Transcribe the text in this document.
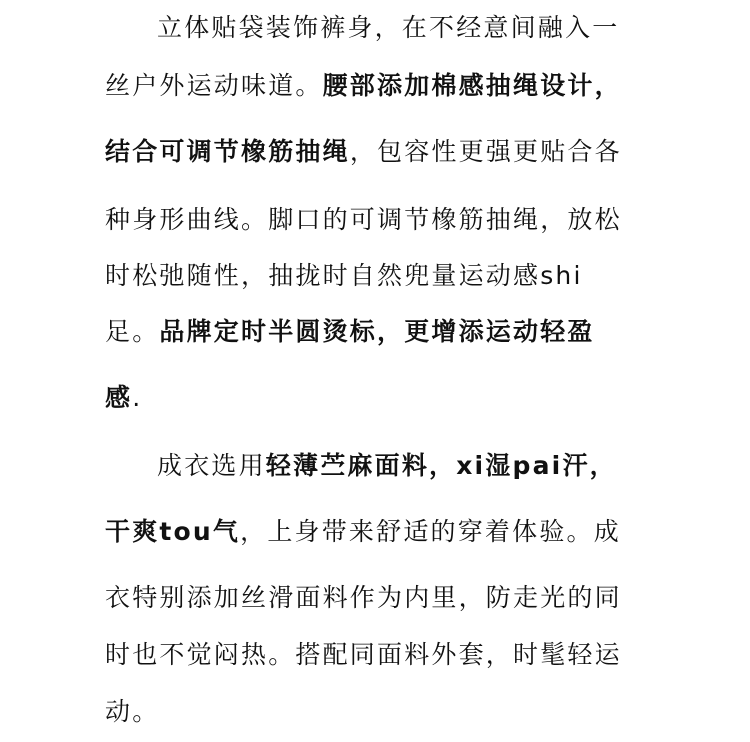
立体贴袋装饰裤身，在不经意间融入一
丝户外运动味道。腰部添加棉感抽绳设计，
结合可调节橡筋抽绳，包容性更强更贴合各
种身形曲线。脚口的可调节橡筋抽绳，放松
时松弛随性，抽拢时自然兜量运动感shi
足。品牌定时半圆烫标，更增添运动轻盈
感.
成衣选用轻薄苎麻面料，xi湿pai汗，
干爽tou气，上身带来舒适的穿着体验。成
衣特别添加丝滑面料作为内里，防走光的同
时也不觉闷热。搭配同面料外套，时髦轻运
动。
